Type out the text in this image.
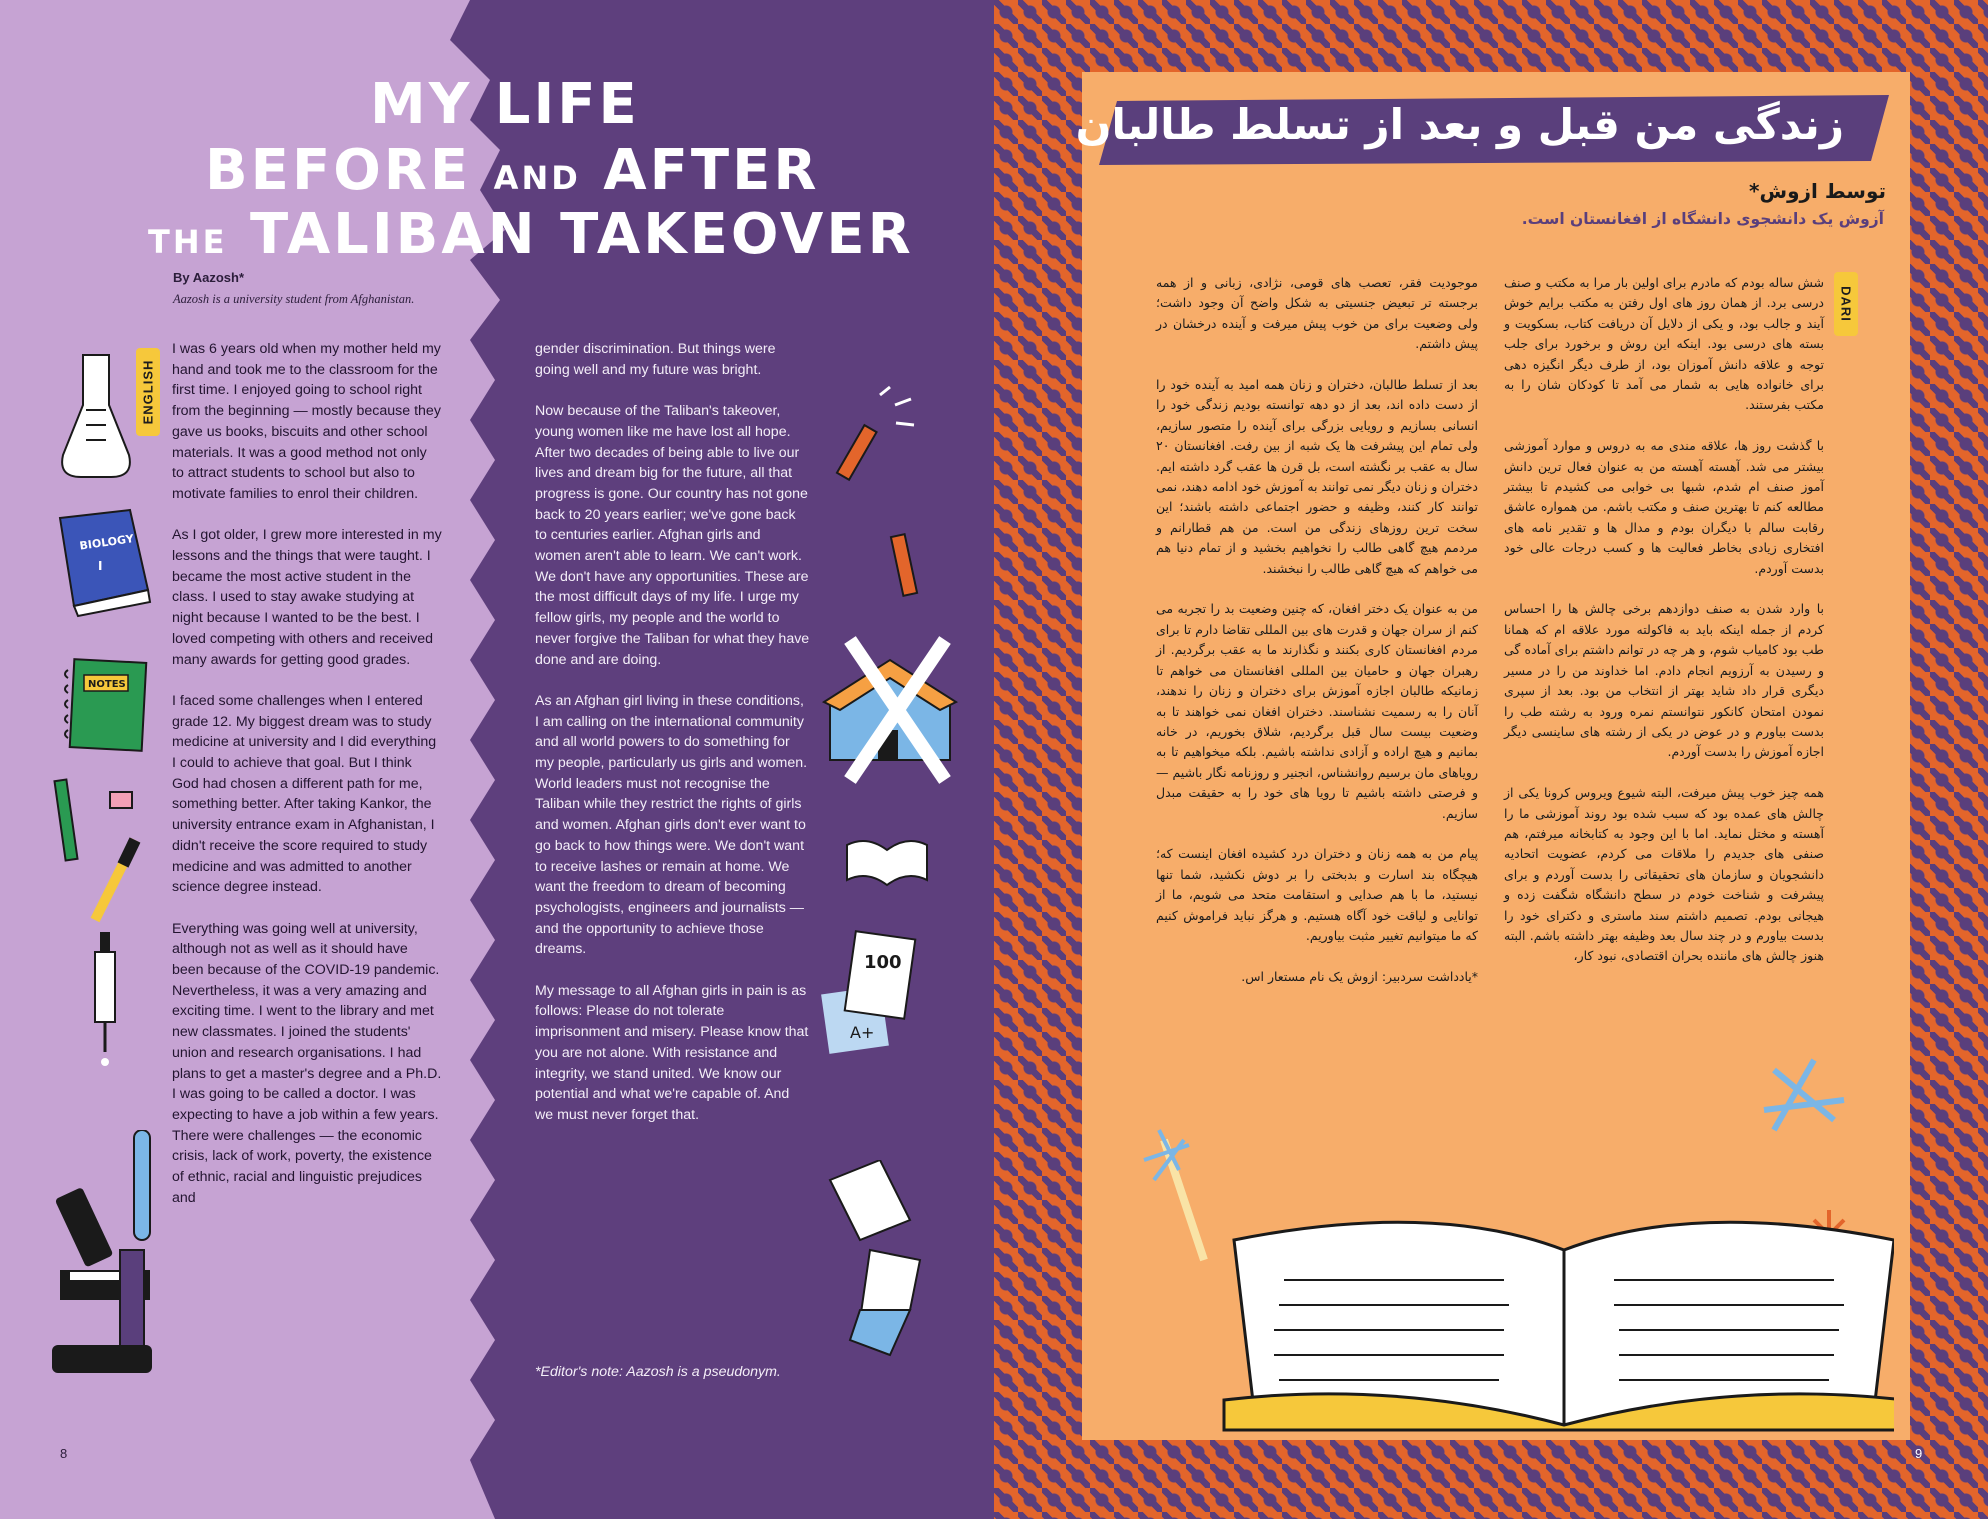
MY LIFE
BEFORE AND AFTER
THE TALIBAN TAKEOVER
By Aazosh*
Aazosh is a university student from Afghanistan.
ENGLISH

I was 6 years old when my mother held my hand and took me to the classroom for the first time. I enjoyed going to school right from the beginning — mostly because they gave us books, biscuits and other school materials. It was a good method not only to attract students to school but also to motivate families to enrol their children.

As I got older, I grew more interested in my lessons and the things that were taught. I became the most active student in the class. I used to stay awake studying at night because I wanted to be the best. I loved competing with others and received many awards for getting good grades.

I faced some challenges when I entered grade 12. My biggest dream was to study medicine at university and I did everything I could to achieve that goal. But I think God had chosen a different path for me, something better. After taking Kankor, the university entrance exam in Afghanistan, I didn't receive the score required to study medicine and was admitted to another science degree instead.

Everything was going well at university, although not as well as it should have been because of the COVID-19 pandemic. Nevertheless, it was a very amazing and exciting time. I went to the library and met new classmates. I joined the students' union and research organisations. I had plans to get a master's degree and a Ph.D. I was going to be called a doctor. I was expecting to have a job within a few years. There were challenges — the economic crisis, lack of work, poverty, the existence of ethnic, racial and linguistic prejudices and

gender discrimination. But things were going well and my future was bright.

Now because of the Taliban's takeover, young women like me have lost all hope. After two decades of being able to live our lives and dream big for the future, all that progress is gone. Our country has not gone back to 20 years earlier; we've gone back to centuries earlier. Afghan girls and women aren't able to learn. We can't work. We don't have any opportunities. These are the most difficult days of my life. I urge my fellow girls, my people and the world to never forgive the Taliban for what they have done and are doing.

As an Afghan girl living in these conditions, I am calling on the international community and all world powers to do something for my people, particularly us girls and women. World leaders must not recognise the Taliban while they restrict the rights of girls and women. Afghan girls don't ever want to go back to how things were. We don't want to receive lashes or remain at home. We want the freedom to dream of becoming psychologists, engineers and journalists — and the opportunity to achieve those dreams.

My message to all Afghan girls in pain is as follows: Please do not tolerate imprisonment and misery. Please know that you are not alone. With resistance and integrity, we stand united. We know our potential and what we're capable of. And we must never forget that.

*Editor's note: Aazosh is a pseudonym.
BIOLOGY
I
NOTES
100
A+
8
زندگی من قبل و بعد از تسلط طالبان
توسط ازوش*
آزوش یک دانشجوی دانشگاه از افغانستان است.
DARI

شش ساله بودم که مادرم برای اولین بار مرا به مکتب و صنف درسی برد. از همان روز های اول رفتن به مکتب برایم خوش آیند و جالب بود، و یکی از دلایل آن دریافت کتاب، بسکویت و بسته های درسی بود. اینکه این روش و برخورد برای جلب توجه و علاقه دانش آموزان بود، از طرف دیگر انگیزه دهی برای خانواده هایی به شمار می آمد تا کودکان شان را به مکتب بفرستند.

با گذشت روز ها، علاقه مندی مه به دروس و موارد آموزشی بیشتر می شد. آهسته آهسته من به عنوان فعال ترین دانش آموز صنف ام شدم، شبها بی خوابی می کشیدم تا بیشتر مطالعه کنم تا بهترین صنف و مکتب باشم. من همواره عاشق رقابت سالم با دیگران بودم و مدال ها و تقدیر نامه های افتخاری زیادی بخاطر فعالیت ها و کسب درجات عالی خود بدست آوردم.

با وارد شدن به صنف دوازدهم برخی چالش ها را احساس کردم از جمله اینکه باید به فاکولته مورد علاقه ام که همانا طب بود کامیاب شوم، و هر چه در توانم داشتم برای آماده گی و رسیدن به آرزویم انجام دادم. اما خداوند من را در مسیر دیگری قرار داد شاید بهتر از انتخاب من بود. بعد از سپری نمودن امتحان کانکور نتوانستم نمره ورود به رشته طب را بدست بیاورم و در عوض در یکی از رشته های ساینسی دیگر اجازه آموزش را بدست آوردم.

همه چیز خوب پیش میرفت، البته شیوع ویروس کرونا یکی از چالش های عمده بود که سبب شده بود روند آموزشی ما را آهسته و مختل نماید. اما با این وجود به کتابخانه میرفتم، هم صنفی های جدیدم را ملاقات می کردم، عضویت اتحادیه دانشجویان و سازمان های تحقیقاتی را بدست آوردم و برای پیشرفت و شناخت خودم در سطح دانشگاه شگفت زده و هیجانی بودم. تصمیم داشتم سند ماستری و دکترای خود را بدست بیاورم و در چند سال بعد وظیفه بهتر داشته باشم. البته هنوز چالش های ماننده بحران اقتصادی، نبود کار،

موجودیت فقر، تعصب های قومی، نژادی، زبانی و از همه برجسته تر تبعیض جنسیتی به شکل واضح آن وجود داشت؛ ولی وضعیت برای من خوب پیش میرفت و آینده درخشان در پیش داشتم.

بعد از تسلط طالبان، دختران و زنان همه امید به آینده خود را از دست داده اند، بعد از دو دهه توانسته بودیم زندگی خود را انسانی بسازیم و رویایی بزرگی برای آینده را متصور سازیم، ولی تمام این پیشرفت ها یک شبه از بین رفت. افغانستان ۲۰ سال به عقب بر نگشته است، بل قرن ها عقب گرد داشته ایم. دختران و زنان دیگر نمی توانند به آموزش خود ادامه دهند، نمی توانند کار کنند، وظیفه و حضور اجتماعی داشته باشند؛ این سخت ترین روزهای زندگی من است. من هم قطارانم و مردمم هیچ گاهی طالب را نخواهیم بخشید و از تمام دنیا هم می خواهم که هیچ گاهی طالب را نبخشند.

من به عنوان یک دختر افغان، که چنین وضعیت بد را تجربه می کنم از سران جهان و قدرت های بین المللی تقاضا دارم تا برای مردم افغانستان کاری بکنند و نگذارند ما به عقب برگردیم. از رهبران جهان و حامیان بین المللی افغانستان می خواهم تا زمانیکه طالبان اجازه آموزش برای دختران و زنان را ندهند، آنان را به رسمیت نشناسند. دختران افغان نمی خواهند تا به وضعیت بیست سال قبل برگردیم، شلاق بخوریم، در خانه بمانیم و هیچ اراده و آزادی نداشته باشیم. بلکه میخواهیم تا به رویاهای مان برسیم روانشناس، انجنیر و روزنامه نگار باشیم — و فرصتی داشته باشیم تا رویا های خود را به حقیقت مبدل سازیم.

پیام من به همه زنان و دختران درد کشیده افغان اینست که؛ هیچگاه بند اسارت و بدبختی را بر دوش نکشید، شما تنها نیستید، ما با هم صدایی و استقامت متحد می شویم، ما از توانایی و لیاقت خود آگاه هستیم. و هرگز نباید فراموش کنیم که ما میتوانیم تغییر مثبت بیاوریم.

*یادداشت سردبیر: ازوش یک نام مستعار اس.

9
